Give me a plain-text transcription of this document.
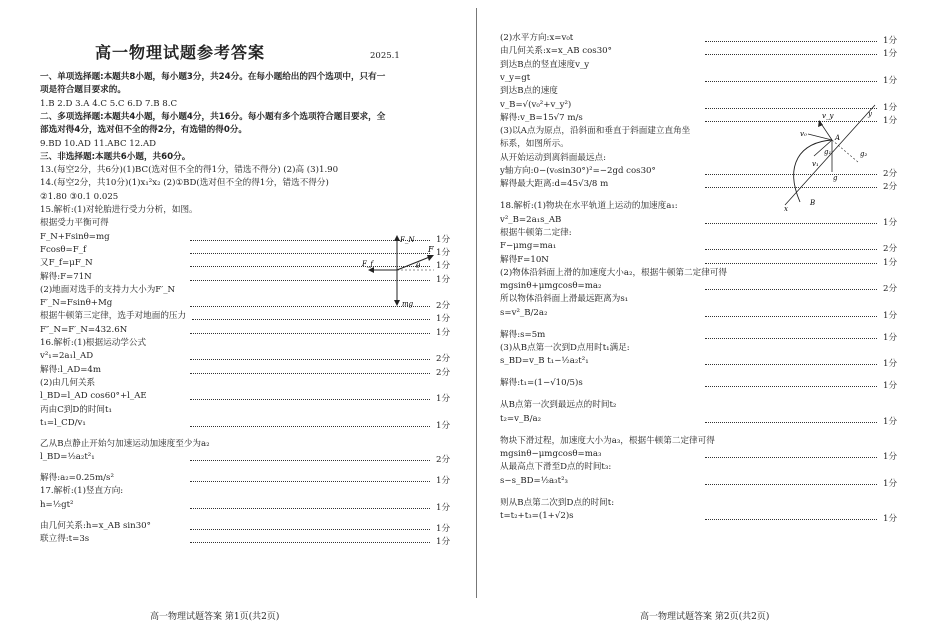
高一物理试题参考答案	2025.1
一、单项选择题:本题共8小题，每小题3分，共24分。在每小题给出的四个选项中，只有一
项是符合题目要求的。
1.B 2.D 3.A 4.C 5.C 6.D 7.B 8.C
二、多项选择题:本题共4小题，每小题4分，共16分。每小题有多个选项符合题目要求，全
部选对得4分，选对但不全的得2分，有选错的得0分。
9.BD 10.AD 11.ABC 12.AD
三、非选择题:本题共6小题，共60分。
13.(每空2分，共6分)(1)BC(选对但不全的得1分，错选不得分) (2)高 (3)1.90
14.(每空2分，共10分)(1)x₁²x₂ (2)①BD(选对但不全的得1分，错选不得分)
②1.80 ③0.1 0.025
15.解析:(1)对轮胎进行受力分析，如图。
根据受力平衡可得
F_N+Fsinθ=mg	1分
Fcosθ=F_f	1分
又F_f=μF_N	1分
解得:F=71N	1分
(2)地面对选手的支持力大小为F′_N
F′_N=Fsinθ+Mg	2分
根据牛顿第三定律，选手对地面的压力	1分
F″_N=F′_N=432.6N	1分
16.解析:(1)根据运动学公式
v²₁=2a₁l_AD	2分
解得:l_AD=4m	2分
(2)由几何关系
l_BD=l_AD cos60°+l_AE	1分
丙由C到D的时间t₁
t₁=l_CD/v₁	1分
乙从B点静止开始匀加速运动加速度至少为a₂
l_BD=½a₂t²₁	2分
解得:a₂=0.25m/s²	1分
17.解析:(1)竖直方向:
h=½gt²	1分
由几何关系:h=x_AB sin30°	1分
联立得:t=3s	1分
(2)水平方向:x=v₀t	1分
由几何关系:x=x_AB cos30°	1分
到达B点的竖直速度v_y
v_y=gt	1分
到达B点的速度
v_B=√(v₀²+v_y²)	1分
解得:v_B=15√7 m/s	1分
(3)以A点为原点，沿斜面和垂直于斜面建立直角坐
标系，如图所示。
从开始运动到离斜面最远点:
y轴方向:0−(v₀sin30°)²=−2gd cos30°	2分
解得最大距离:d=45√3/8 m	2分
18.解析:(1)物块在水平轨道上运动的加速度a₁:
v²_B=2a₁s_AB	1分
根据牛顿第二定律:
F−μmg=ma₁	2分
解得F=10N	1分
(2)物体沿斜面上滑的加速度大小a₂，根据牛顿第二定律可得
mgsinθ+μmgcosθ=ma₂	2分
所以物体沿斜面上滑最远距离为s₁
s=v²_B/2a₂	1分
解得:s=5m	1分
(3)从B点第一次到D点用时t₁满足:
s_BD=v_B t₁−½a₂t²₁	1分
解得:t₁=(1−√10/5)s	1分
从B点第一次到最远点的时间t₂
t₂=v_B/a₂	1分
物块下滑过程，加速度大小为a₃，根据牛顿第二定律可得
mgsinθ−μmgcosθ=ma₃	1分
从最高点下滑至D点的时间t₃:
s−s_BD=½a₃t²₃	1分
则从B点第二次到D点的时间t:
t=t₂+t₃=(1+√2)s	1分
F_N
F
F_f	θ
mg
v_y
v₀
g₁	g₂
g
v₁
A
B
x
y
高一物理试题答案 第1页(共2页)	高一物理试题答案 第2页(共2页)
